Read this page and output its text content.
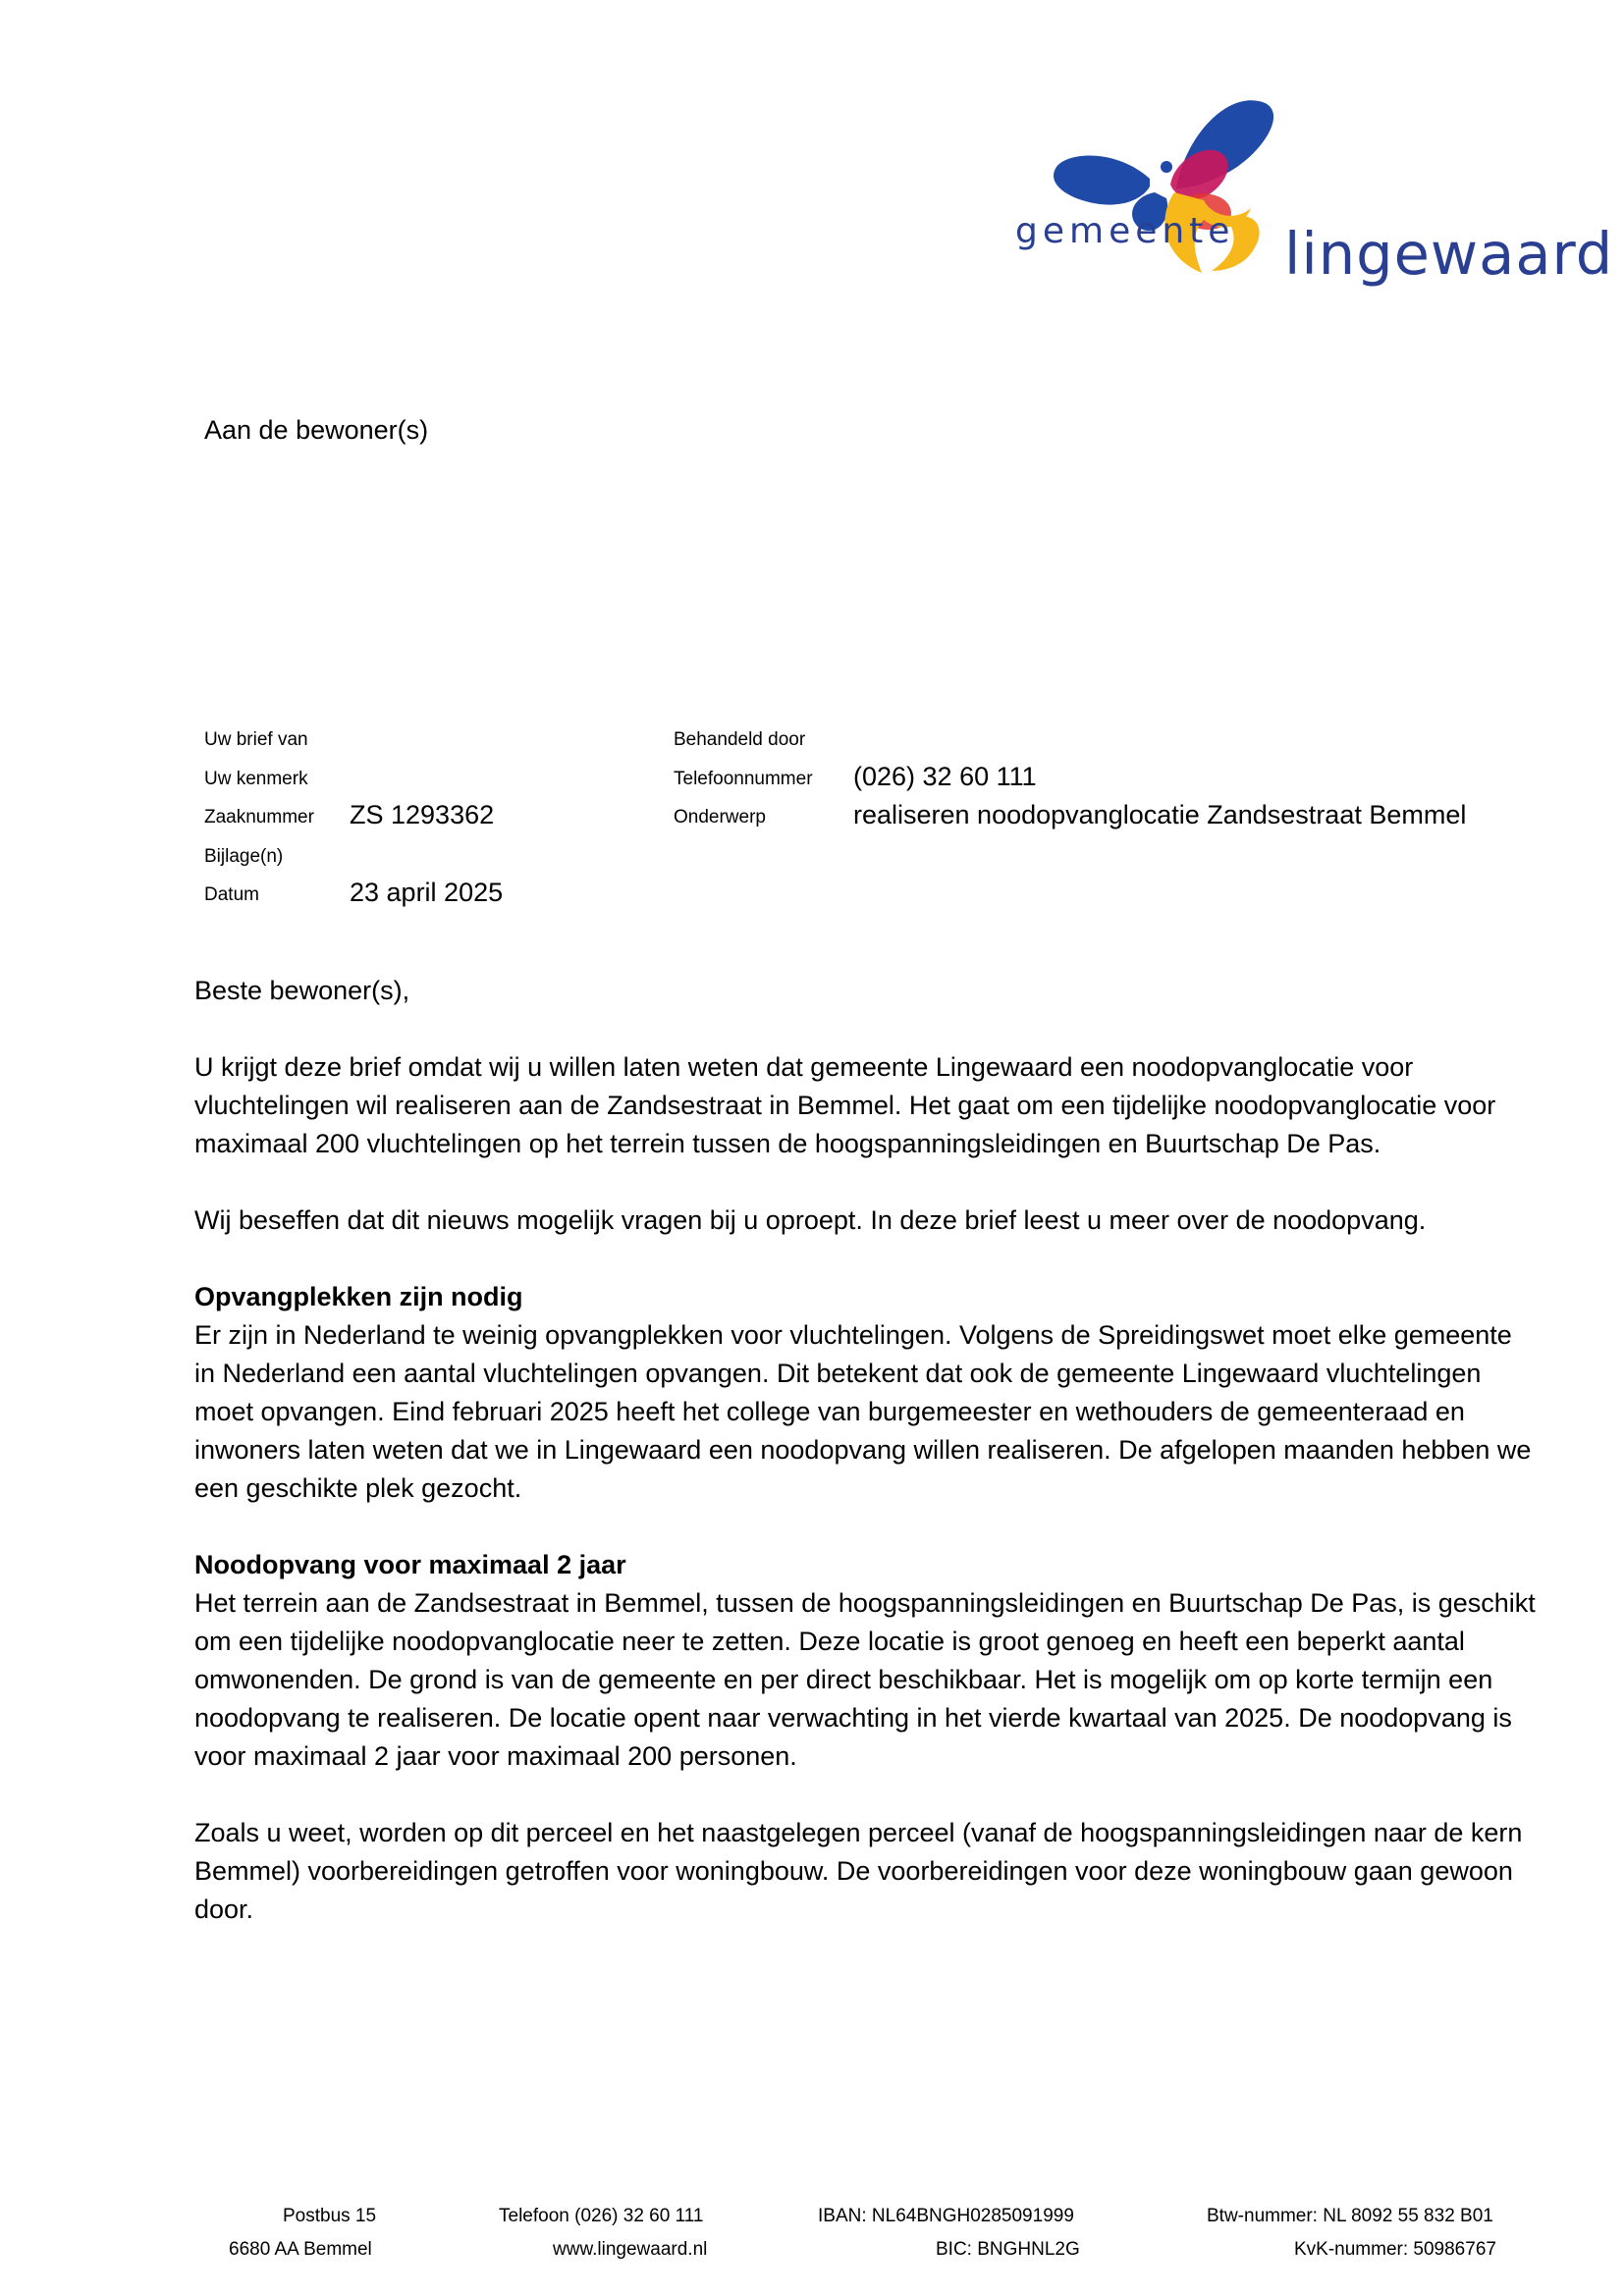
gemeente lingewaard
Aan de bewoner(s)
Uw brief van
Uw kenmerk
Zaaknummer ZS 1293362
Bijlage(n)
Datum	23 april 2025
Behandeld door
Telefoonnummer (026) 32 60 111
Onderwerp	realiseren noodopvanglocatie Zandsestraat Bemmel

Beste bewoner(s),

U krijgt deze brief omdat wij u willen laten weten dat gemeente Lingewaard een noodopvanglocatie voor vluchtelingen wil realiseren aan de Zandsestraat in Bemmel. Het gaat om een tijdelijke noodopvanglocatie voor maximaal 200 vluchtelingen op het terrein tussen de hoogspanningsleidingen en Buurtschap De Pas.

Wij beseffen dat dit nieuws mogelijk vragen bij u oproept. In deze brief leest u meer over de noodopvang.

Opvangplekken zijn nodig

Er zijn in Nederland te weinig opvangplekken voor vluchtelingen. Volgens de Spreidingswet moet elke gemeente in Nederland een aantal vluchtelingen opvangen. Dit betekent dat ook de gemeente Lingewaard vluchtelingen moet opvangen. Eind februari 2025 heeft het college van burgemeester en wethouders de gemeenteraad en inwoners laten weten dat we in Lingewaard een noodopvang willen realiseren. De afgelopen maanden hebben we een geschikte plek gezocht.

Noodopvang voor maximaal 2 jaar

Het terrein aan de Zandsestraat in Bemmel, tussen de hoogspanningsleidingen en Buurtschap De Pas, is geschikt om een tijdelijke noodopvanglocatie neer te zetten. Deze locatie is groot genoeg en heeft een beperkt aantal omwonenden. De grond is van de gemeente en per direct beschikbaar. Het is mogelijk om op korte termijn een noodopvang te realiseren. De locatie opent naar verwachting in het vierde kwartaal van 2025. De noodopvang is voor maximaal 2 jaar voor maximaal 200 personen.

Zoals u weet, worden op dit perceel en het naastgelegen perceel (vanaf de hoogspanningsleidingen naar de kern Bemmel) voorbereidingen getroffen voor woningbouw. De voorbereidingen voor deze woningbouw gaan gewoon door.

Postbus 15
6680 AA Bemmel
Telefoon (026) 32 60 111
www.lingewaard.nl
IBAN: NL64BNGH0285091999
BIC: BNGHNL2G
Btw-nummer: NL 8092 55 832 B01
KvK-nummer: 50986767
